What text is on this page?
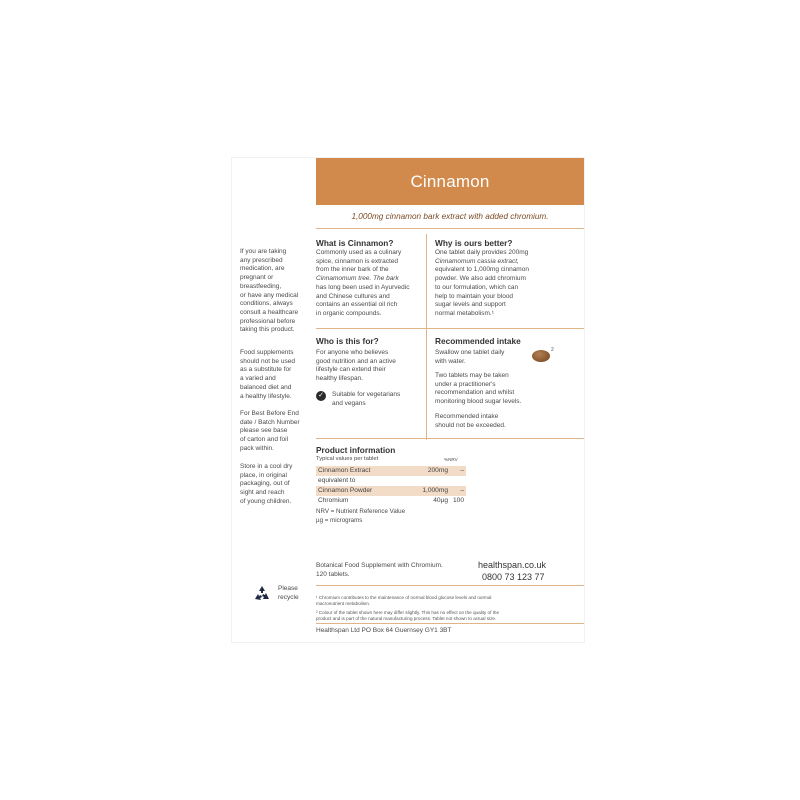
Cinnamon
1,000mg cinnamon bark extract with added chromium.
If you are taking
any prescribed
medication, are
pregnant or
breastfeeding,
or have any medical
conditions, always
consult a healthcare
professional before
taking this product.
Food supplements
should not be used
as a substitute for
a varied and
balanced diet and
a healthy lifestyle.
For Best Before End
date / Batch Number
please see base
of carton and foil
pack within.
Store in a cool dry
place, in original
packaging, out of
sight and reach
of young children.
What is Cinnamon?
Commonly used as a culinary
spice, cinnamon is extracted
from the inner bark of the
Cinnamomum tree. The bark
has long been used in Ayurvedic
and Chinese cultures and
contains an essential oil rich
in organic compounds.
Why is ours better?
One tablet daily provides 200mg
Cinnamomum cassia extract,
equivalent to 1,000mg cinnamon
powder. We also add chromium
to our formulation, which can
help to maintain your blood
sugar levels and support
normal metabolism.¹
Who is this for?
For anyone who believes
good nutrition and an active
lifestyle can extend their
healthy lifespan.
✓	Suitable for vegetarians
and vegans
Recommended intake
Swallow one tablet daily
with water.
2
Two tablets may be taken
under a practitioner's
recommendation and whilst
monitoring blood sugar levels.
Recommended intake
should not be exceeded.
Product information
Typical values per tablet	%NRV
Cinnamon Extract	200mg –
equivalent to
Cinnamon Powder	1,000mg –
Chromium	40µg 100
NRV = Nutrient Reference Value
µg = micrograms
Botanical Food Supplement with Chromium.
120 tablets.
healthspan.co.uk
0800 73 123 77
Please
recycle	¹ Chromium contributes to the maintenance of normal blood glucose levels and normal
macronutrient metabolism.
² Colour of the tablet shown here may differ slightly. This has no effect on the quality of the
product and is part of the natural manufacturing process. Tablet not shown to actual size.
Healthspan Ltd PO Box 64 Guernsey GY1 3BT
